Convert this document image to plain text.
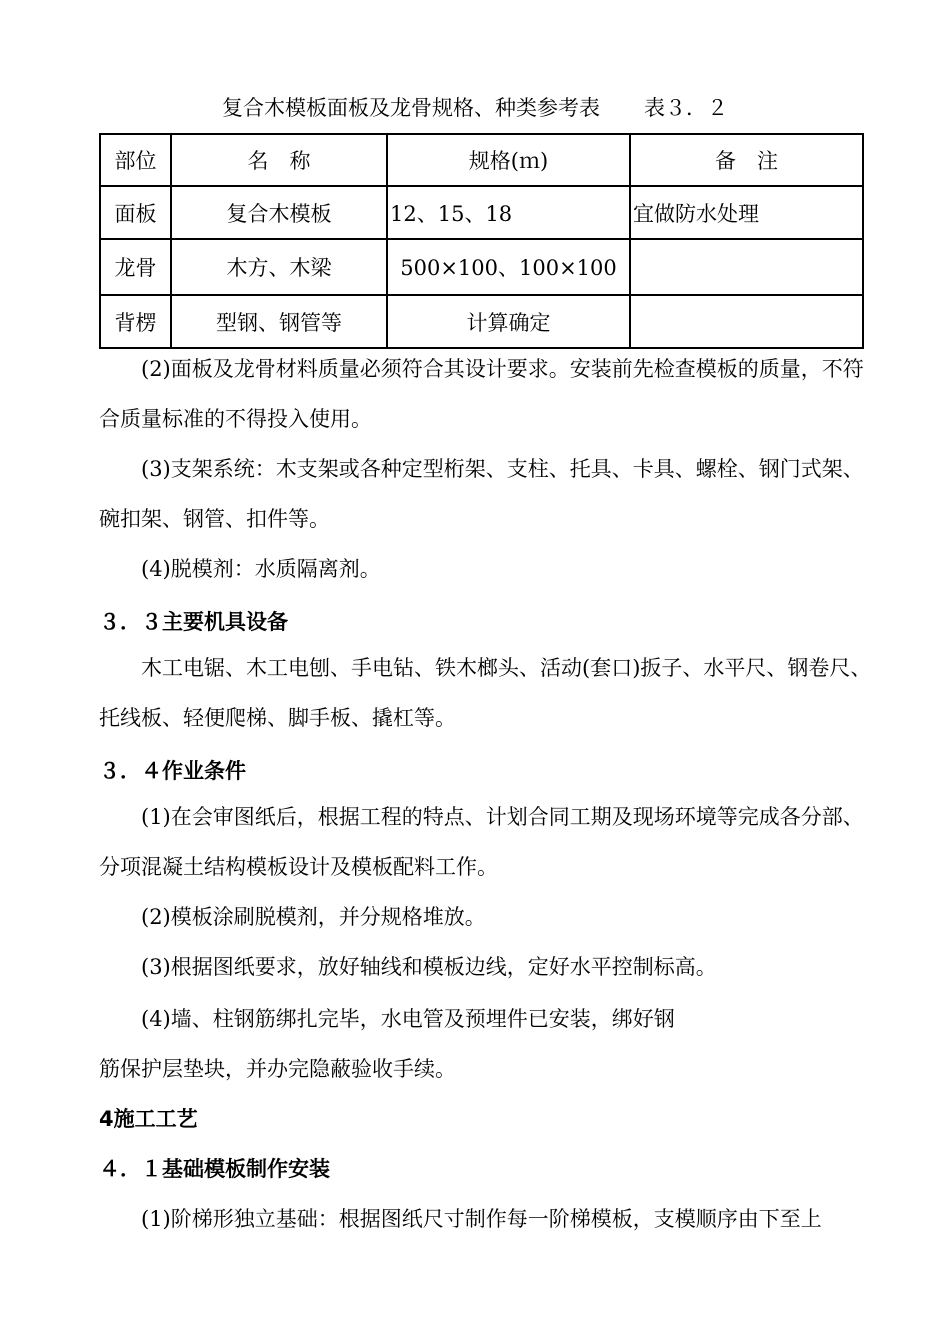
复合木模板面板及龙骨规格、种类参考表 表３．２
部位	名　称	规格(ｍ)	备　注
面板	复合木模板	12、15、18	宜做防水处理
龙骨	木方、木梁	500×100、100×100	
背楞	型钢、钢管等	计算确定	
(2)面板及龙骨材料质量必须符合其设计要求。安装前先检查模板的质量，不符合质量标准的不得投入使用。
(3)支架系统：木支架或各种定型桁架、支柱、托具、卡具、螺栓、钢门式架、碗扣架、钢管、扣件等。
(4)脱模剂：水质隔离剂。
３．３主要机具设备
木工电锯、木工电刨、手电钻、铁木榔头、活动(套口)扳子、水平尺、钢卷尺、托线板、轻便爬梯、脚手板、撬杠等。
３．４作业条件
(1)在会审图纸后，根据工程的特点、计划合同工期及现场环境等完成各分部、分项混凝土结构模板设计及模板配料工作。
(2)模板涂刷脱模剂，并分规格堆放。
(3)根据图纸要求，放好轴线和模板边线，定好水平控制标高。
(4)墙、柱钢筋绑扎完毕，水电管及预埋件已安装，绑好钢
筋保护层垫块，并办完隐蔽验收手续。
4施工工艺
４．１基础模板制作安装
(1)阶梯形独立基础：根据图纸尺寸制作每一阶梯模板，支模顺序由下至上
